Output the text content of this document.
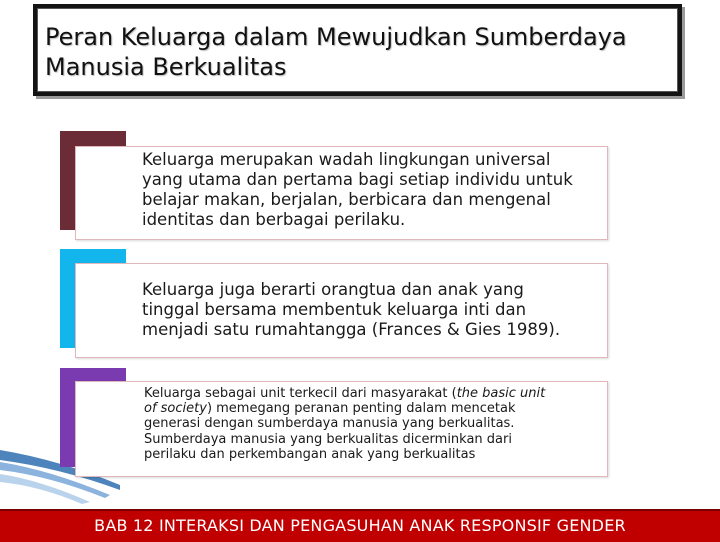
Peran Keluarga dalam Mewujudkan Sumberdaya
Manusia Berkualitas
Keluarga merupakan wadah lingkungan universal
yang utama dan pertama bagi setiap individu untuk
belajar makan, berjalan, berbicara dan mengenal
identitas dan berbagai perilaku.
Keluarga juga berarti orangtua dan anak yang
tinggal bersama membentuk keluarga inti dan
menjadi satu rumahtangga (Frances & Gies 1989).
Keluarga sebagai unit terkecil dari masyarakat (the basic unit
of society) memegang peranan penting dalam mencetak
generasi dengan sumberdaya manusia yang berkualitas.
Sumberdaya manusia yang berkualitas dicerminkan dari
perilaku dan perkembangan anak yang berkualitas
BAB 12 INTERAKSI DAN PENGASUHAN ANAK RESPONSIF GENDER
